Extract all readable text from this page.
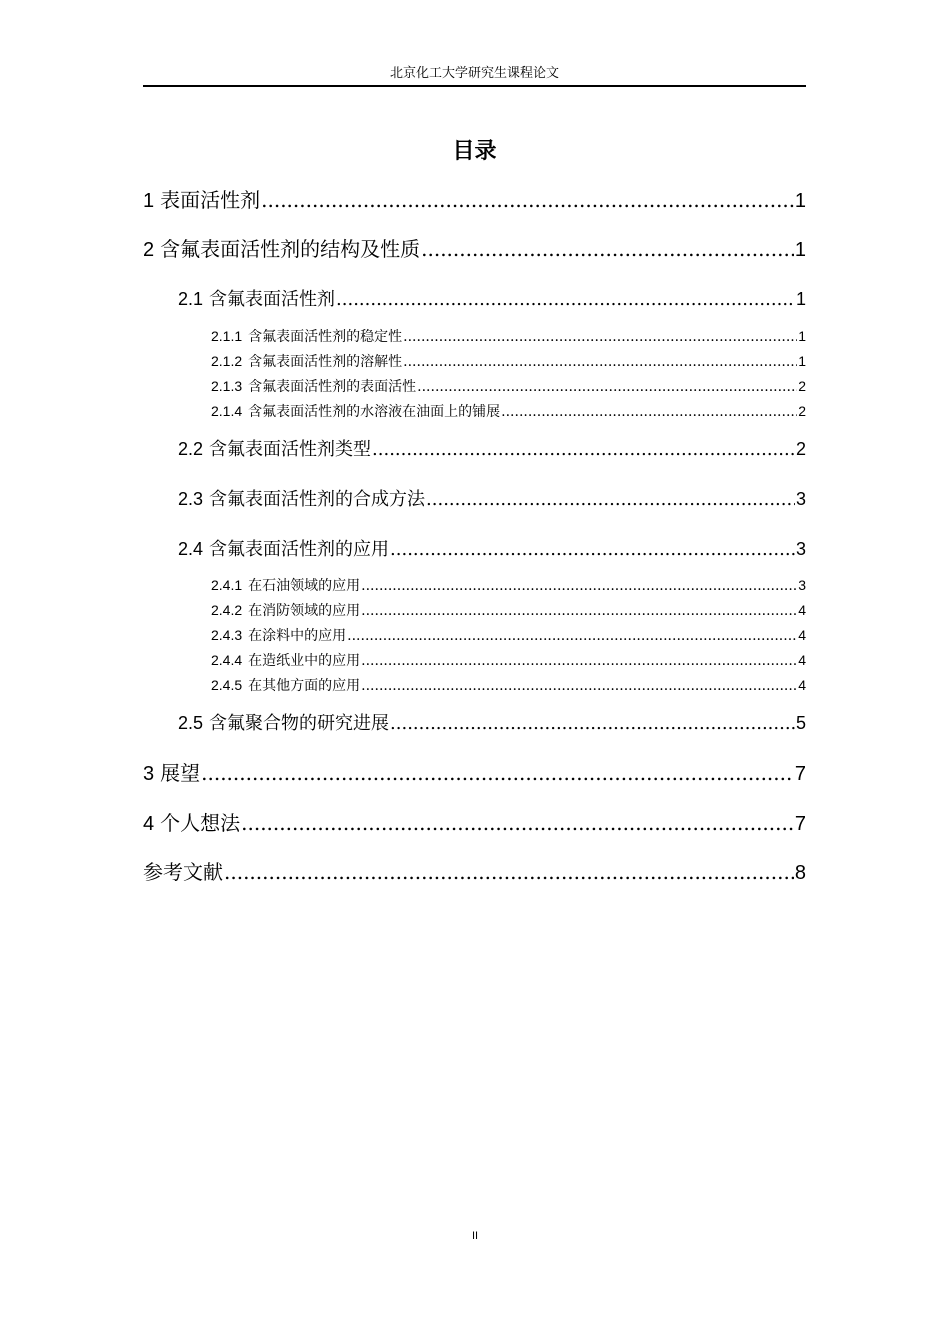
北京化工大学研究生课程论文
目录
1 表面活性剂 .....	1
2 含氟表面活性剂的结构及性质 .....	1
2.1 含氟表面活性剂 .....	1
2.1.1 含氟表面活性剂的稳定性 .....	1
2.1.2 含氟表面活性剂的溶解性 .....	1
2.1.3 含氟表面活性剂的表面活性 .....	2
2.1.4 含氟表面活性剂的水溶液在油面上的铺展 .....	2
2.2 含氟表面活性剂类型 .....	2
2.3 含氟表面活性剂的合成方法 .....	3
2.4 含氟表面活性剂的应用 .....	3
2.4.1 在石油领域的应用 .....	3
2.4.2 在消防领域的应用 .....	4
2.4.3 在涂料中的应用 .....	4
2.4.4 在造纸业中的应用 .....	4
2.4.5 在其他方面的应用 .....	4
2.5 含氟聚合物的研究进展 .....	5
3 展望 .....	7
4 个人想法 .....	7
参考文献 .....	8
II
